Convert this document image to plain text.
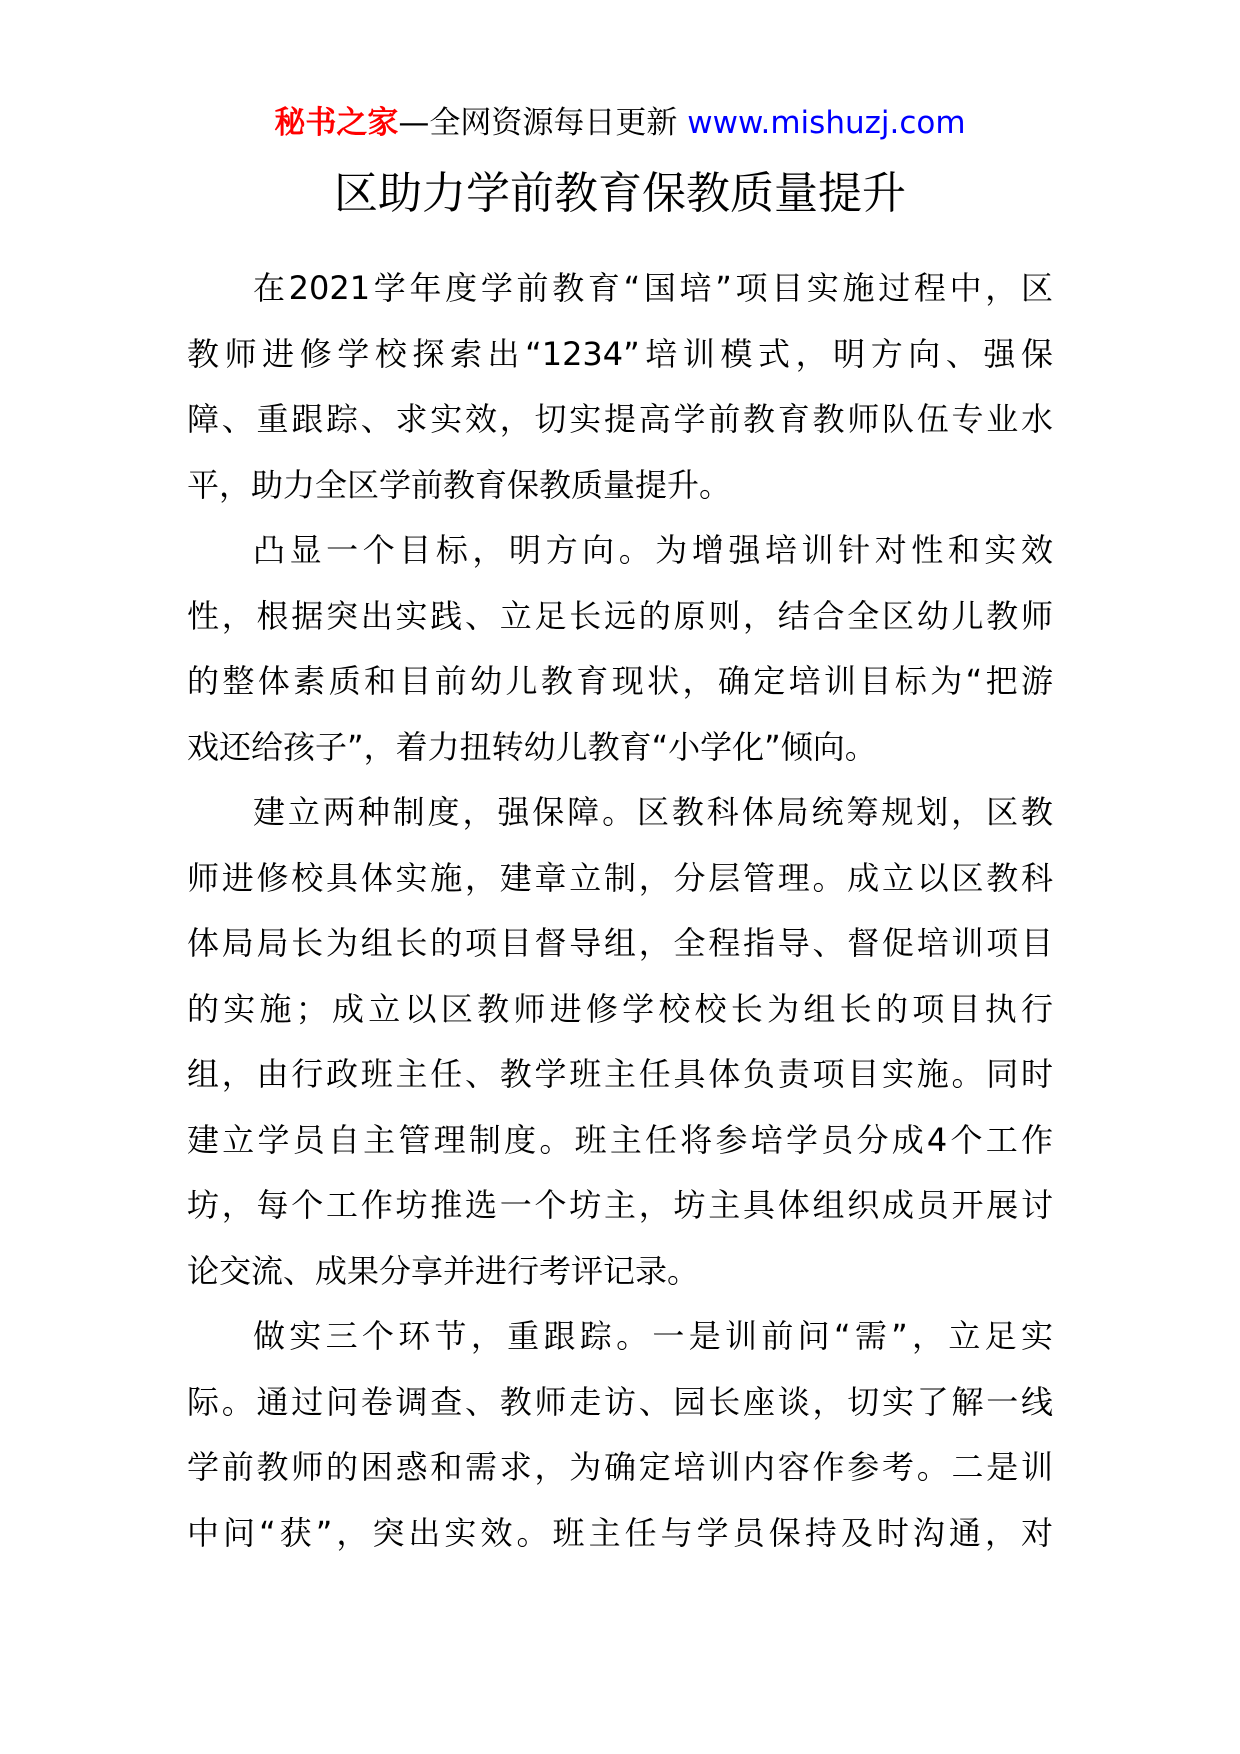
秘书之家—全网资源每日更新 www.mishuzj.com
区助力学前教育保教质量提升
在2021学年度学前教育“国培”项目实施过程中，区
教师进修学校探索出“1234”培训模式，明方向、强保
障、重跟踪、求实效，切实提高学前教育教师队伍专业水
平，助力全区学前教育保教质量提升。
凸显一个目标，明方向。为增强培训针对性和实效
性，根据突出实践、立足长远的原则，结合全区幼儿教师
的整体素质和目前幼儿教育现状，确定培训目标为“把游
戏还给孩子”，着力扭转幼儿教育“小学化”倾向。
建立两种制度，强保障。区教科体局统筹规划，区教
师进修校具体实施，建章立制，分层管理。成立以区教科
体局局长为组长的项目督导组，全程指导、督促培训项目
的实施；成立以区教师进修学校校长为组长的项目执行
组，由行政班主任、教学班主任具体负责项目实施。同时
建立学员自主管理制度。班主任将参培学员分成4个工作
坊，每个工作坊推选一个坊主，坊主具体组织成员开展讨
论交流、成果分享并进行考评记录。
做实三个环节，重跟踪。一是训前问“需”，立足实
际。通过问卷调查、教师走访、园长座谈，切实了解一线
学前教师的困惑和需求，为确定培训内容作参考。二是训
中问“获”，突出实效。班主任与学员保持及时沟通，对
